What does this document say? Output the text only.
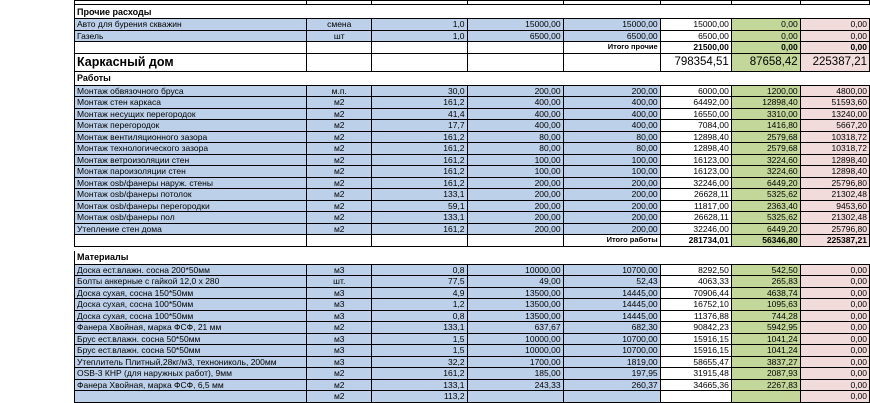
Прочие расходы							
Авто для бурения скважин	смена	1,0	15000,00	15000,00	15000,00	0,00	0,00
Газель	шт	1,0	6500,00	6500,00	6500,00	0,00	0,00
				Итого прочие	21500,00	0,00	0,00
Каркасный дом					798354,51	87658,42	225387,21
Работы							
Монтаж обвязочного бруса	м.п.	30,0	200,00	200,00	6000,00	1200,00	4800,00
Монтаж стен каркаса	м2	161,2	400,00	400,00	64492,00	12898,40	51593,60
Монтаж несущих перегородок	м2	41,4	400,00	400,00	16550,00	3310,00	13240,00
Монтаж перегородок	м2	17,7	400,00	400,00	7084,00	1416,80	5667,20
Монтаж вентиляционного зазора	м2	161,2	80,00	80,00	12898,40	2579,68	10318,72
Монтаж технологического зазора	м2	161,2	80,00	80,00	12898,40	2579,68	10318,72
Монтаж ветроизоляции стен	м2	161,2	100,00	100,00	16123,00	3224,60	12898,40
Монтаж пароизоляции стен	м2	161,2	100,00	100,00	16123,00	3224,60	12898,40
Монтаж osb/фанеры наруж. стены	м2	161,2	200,00	200,00	32246,00	6449,20	25796,80
Монтаж osb/фанеры потолок	м2	133,1	200,00	200,00	26628,11	5325,62	21302,48
Монтаж osb/фанеры перегородки	м2	59,1	200,00	200,00	11817,00	2363,40	9453,60
Монтаж osb/фанеры пол	м2	133,1	200,00	200,00	26628,11	5325,62	21302,48
Утепление стен дома	м2	161,2	200,00	200,00	32246,00	6449,20	25796,80
				Итого работы	281734,01	56346,80	225387,21

Материалы							
Доска ест.влажн. сосна 200*50мм	м3	0,8	10000,00	10700,00	8292,50	542,50	0,00
Болты анкерные с гайкой 12,0 х 280	шт.	77,5	49,00	52,43	4063,33	265,83	0,00
Доска сухая, сосна 150*50мм	м3	4,9	13500,00	14445,00	70906,44	4638,74	0,00
Доска сухая, сосна 100*50мм	м3	1,2	13500,00	14445,00	16752,10	1095,63	0,00
Доска сухая, сосна 100*50мм	м3	0,8	13500,00	14445,00	11376,88	744,28	0,00
Фанера Хвойная, марка ФСФ, 21 мм	м2	133,1	637,67	682,30	90842,23	5942,95	0,00
Брус ест.влажн. сосна 50*50мм	м3	1,5	10000,00	10700,00	15916,15	1041,24	0,00
Брус ест.влажн. сосна 50*50мм	м3	1,5	10000,00	10700,00	15916,15	1041,24	0,00
Утеплитель Плитный,28кг/м3, технониколь, 200мм	м3	32,2	1700,00	1819,00	58655,47	3837,27	0,00
OSB-3 КНР (для наружных работ), 9мм	м2	161,2	185,00	197,95	31915,48	2087,93	0,00
Фанера Хвойная, марка ФСФ, 6,5 мм	м2	133,1	243,33	260,37	34665,36	2267,83	0,00
	м2	113,2					0,00
